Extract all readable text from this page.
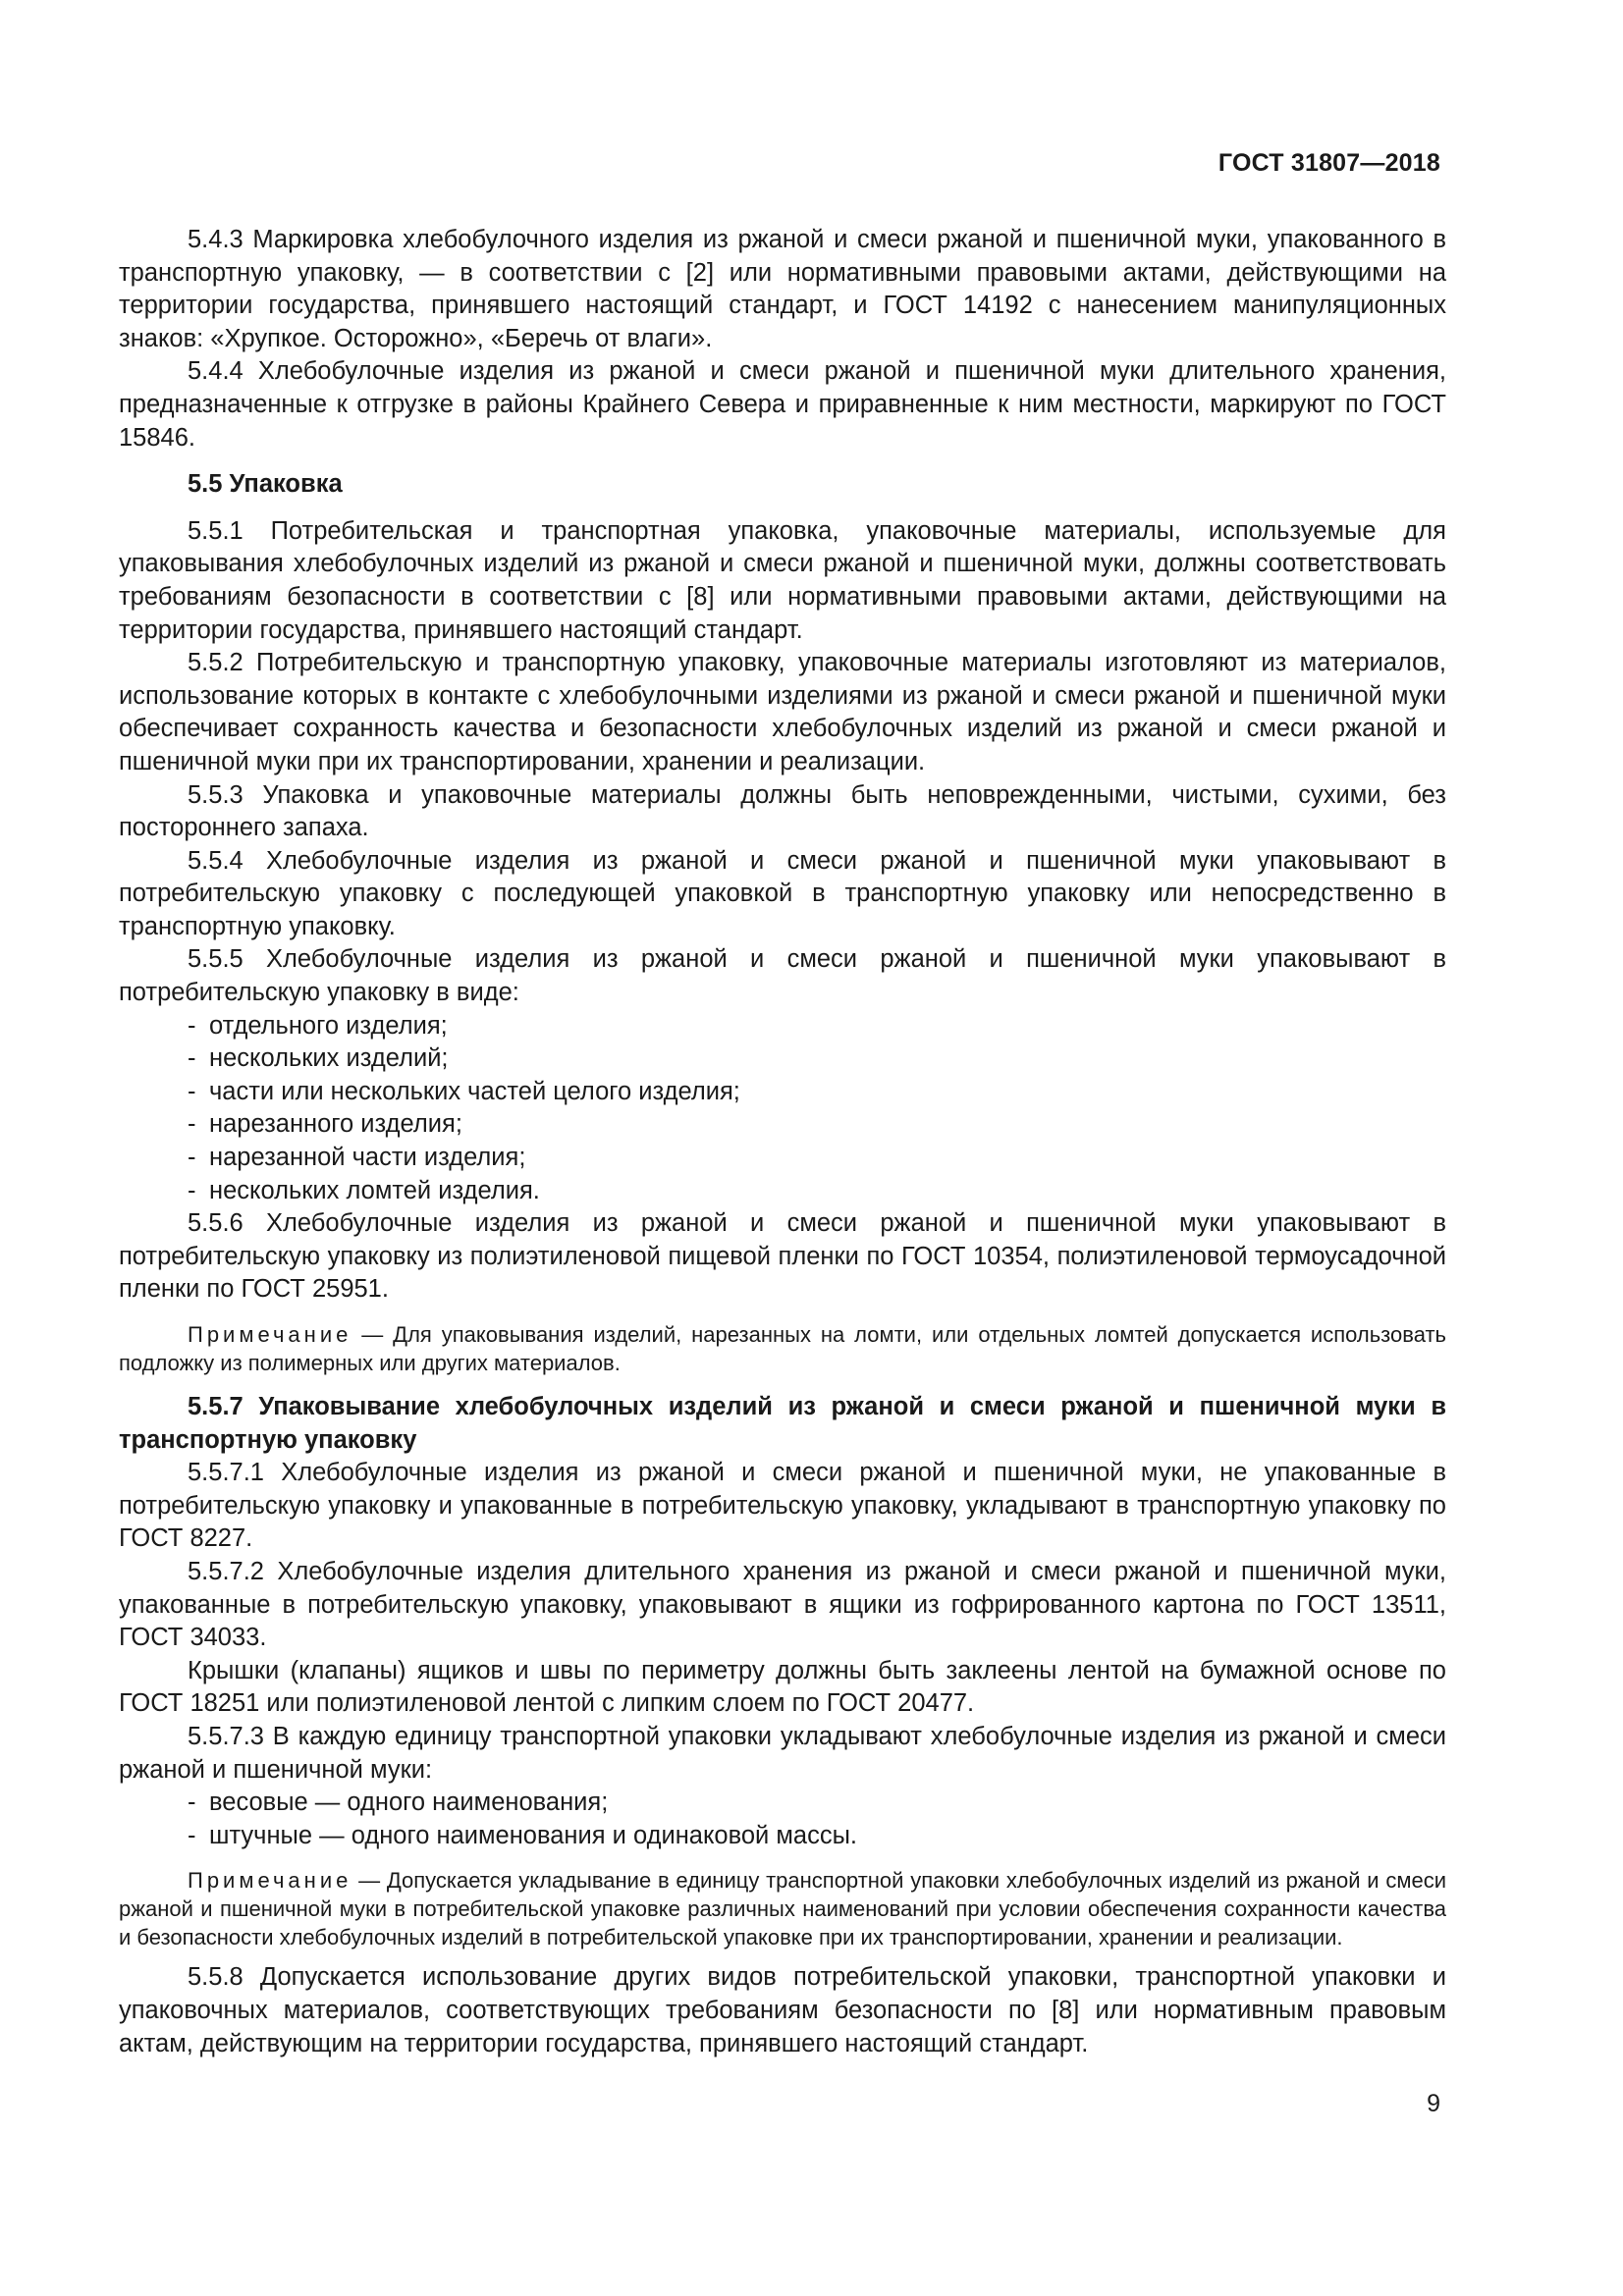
ГОСТ 31807—2018

5.4.3 Маркировка хлебобулочного изделия из ржаной и смеси ржаной и пшеничной муки, упакованного в транспортную упаковку, — в соответствии с [2] или нормативными правовыми актами, действующими на территории государства, принявшего настоящий стандарт, и ГОСТ 14192 с нанесением манипуляционных знаков: «Хрупкое. Осторожно», «Беречь от влаги».

5.4.4 Хлебобулочные изделия из ржаной и смеси ржаной и пшеничной муки длительного хранения, предназначенные к отгрузке в районы Крайнего Севера и приравненные к ним местности, маркируют по ГОСТ 15846.

5.5 Упаковка

5.5.1 Потребительская и транспортная упаковка, упаковочные материалы, используемые для упаковывания хлебобулочных изделий из ржаной и смеси ржаной и пшеничной муки, должны соответствовать требованиям безопасности в соответствии с [8] или нормативными правовыми актами, действующими на территории государства, принявшего настоящий стандарт.

5.5.2 Потребительскую и транспортную упаковку, упаковочные материалы изготовляют из материалов, использование которых в контакте с хлебобулочными изделиями из ржаной и смеси ржаной и пшеничной муки обеспечивает сохранность качества и безопасности хлебобулочных изделий из ржаной и смеси ржаной и пшеничной муки при их транспортировании, хранении и реализации.

5.5.3 Упаковка и упаковочные материалы должны быть неповрежденными, чистыми, сухими, без постороннего запаха.

5.5.4 Хлебобулочные изделия из ржаной и смеси ржаной и пшеничной муки упаковывают в потребительскую упаковку с последующей упаковкой в транспортную упаковку или непосредственно в транспортную упаковку.

5.5.5 Хлебобулочные изделия из ржаной и смеси ржаной и пшеничной муки упаковывают в потребительскую упаковку в виде:

- отдельного изделия;
- нескольких изделий;
- части или нескольких частей целого изделия;
- нарезанного изделия;
- нарезанной части изделия;
- нескольких ломтей изделия.

5.5.6 Хлебобулочные изделия из ржаной и смеси ржаной и пшеничной муки упаковывают в потребительскую упаковку из полиэтиленовой пищевой пленки по ГОСТ 10354, полиэтиленовой термоусадочной пленки по ГОСТ 25951.

Примечание — Для упаковывания изделий, нарезанных на ломти, или отдельных ломтей допускается использовать подложку из полимерных или других материалов.

5.5.7 Упаковывание хлебобулочных изделий из ржаной и смеси ржаной и пшеничной муки в транспортную упаковку

5.5.7.1 Хлебобулочные изделия из ржаной и смеси ржаной и пшеничной муки, не упакованные в потребительскую упаковку и упакованные в потребительскую упаковку, укладывают в транспортную упаковку по ГОСТ 8227.

5.5.7.2 Хлебобулочные изделия длительного хранения из ржаной и смеси ржаной и пшеничной муки, упакованные в потребительскую упаковку, упаковывают в ящики из гофрированного картона по ГОСТ 13511, ГОСТ 34033.

Крышки (клапаны) ящиков и швы по периметру должны быть заклеены лентой на бумажной основе по ГОСТ 18251 или полиэтиленовой лентой с липким слоем по ГОСТ 20477.

5.5.7.3 В каждую единицу транспортной упаковки укладывают хлебобулочные изделия из ржаной и смеси ржаной и пшеничной муки:

- весовые — одного наименования;
- штучные — одного наименования и одинаковой массы.

Примечание — Допускается укладывание в единицу транспортной упаковки хлебобулочных изделий из ржаной и смеси ржаной и пшеничной муки в потребительской упаковке различных наименований при условии обеспечения сохранности качества и безопасности хлебобулочных изделий в потребительской упаковке при их транспортировании, хранении и реализации.

5.5.8 Допускается использование других видов потребительской упаковки, транспортной упаковки и упаковочных материалов, соответствующих требованиям безопасности по [8] или нормативным правовым актам, действующим на территории государства, принявшего настоящий стандарт.

9
